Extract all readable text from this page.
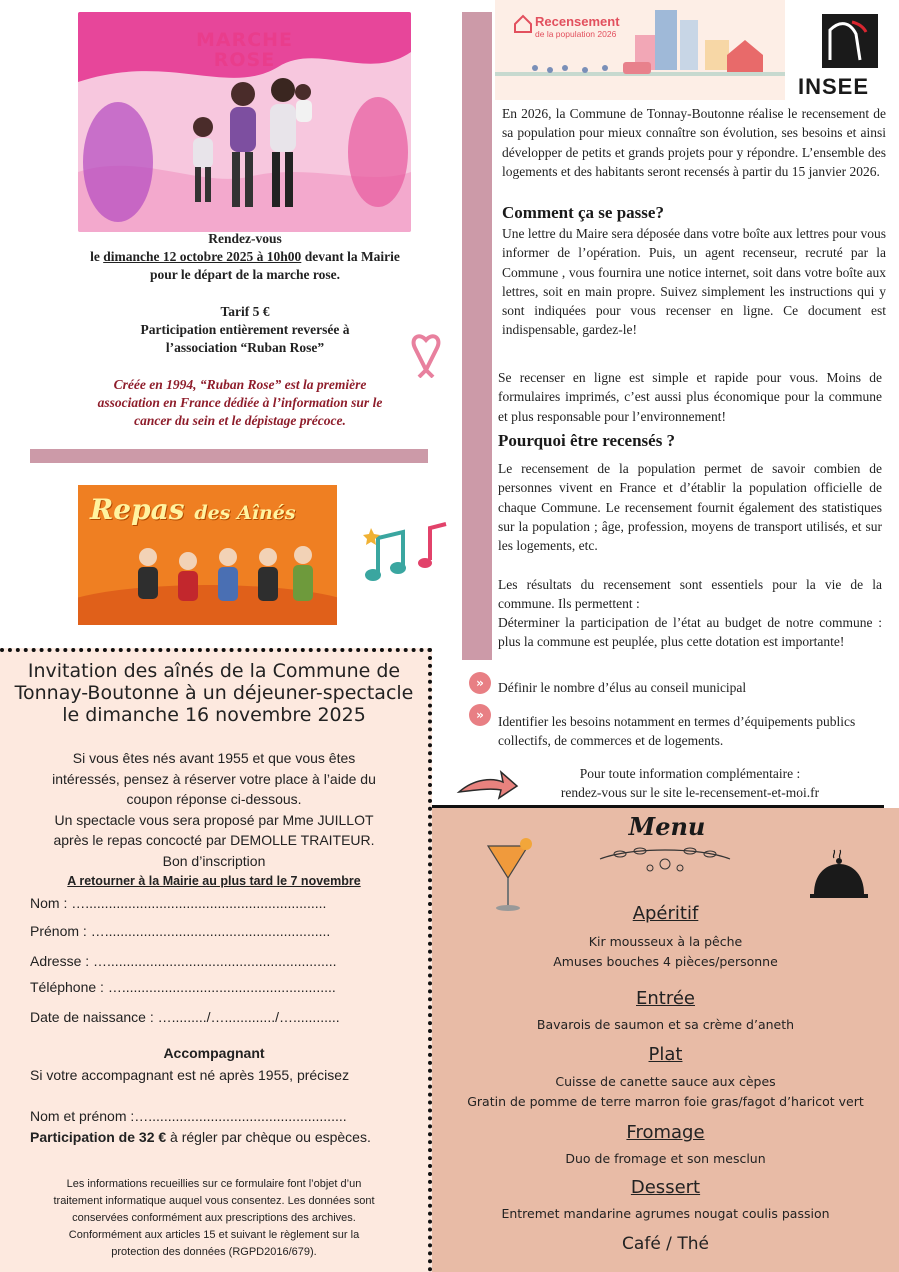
MARCHE
ROSE
Rendez-vous
le dimanche 12 octobre 2025 à 10h00 devant la Mairie
pour le départ de la marche rose.
Tarif 5 €
Participation entièrement reversée à
l’association “Ruban Rose”
Créée en 1994, “Ruban Rose” est la première
association en France dédiée à l’information sur le
cancer du sein et le dépistage précoce.
Repas des Aînés
Invitation des aînés de la Commune de
Tonnay-Boutonne à un déjeuner-spectacle
le dimanche 16 novembre 2025
Si vous êtes nés avant 1955 et que vous êtes
intéressés, pensez à réserver votre place à l’aide du
coupon réponse ci-dessous.
Un spectacle vous sera proposé par Mme JUILLOT
après le repas concocté par DEMOLLE TRAITEUR.
Bon d’inscription
A retourner à la Mairie au plus tard le 7 novembre
Nom : …..............................................................
Prénom : …..........................................................
Adresse : …...........................................................
Téléphone : ….......................................................
Date de naissance : …........./…............./…............
Accompagnant
Si votre accompagnant est né après 1955, précisez
Nom et prénom :…...................................................
Participation de 32 € à régler par chèque ou espèces.
Les informations recueillies sur ce formulaire font l’objet d’un
traitement informatique auquel vous consentez. Les données sont
conservées conformément aux prescriptions des archives.
Conformément aux articles 15 et suivant le règlement sur la
protection des données (RGPD2016/679).
Recensement
de la population 2026
INSEE

En 2026, la Commune de Tonnay-Boutonne réalise le recensement de sa population pour mieux connaître son évolution, ses besoins et ainsi développer de petits et grands projets pour y répondre. L’ensemble des logements et des habitants seront recensés à partir du 15 janvier 2026.

Comment ça se passe?

Une lettre du Maire sera déposée dans votre boîte aux lettres pour vous informer de l’opération. Puis, un agent recenseur, recruté par la Commune , vous fournira une notice internet, soit dans votre boîte aux lettres, soit en main propre. Suivez simplement les instructions qui y sont indiquées pour vous recenser en ligne. Ce document est indispensable, gardez-le!

Se recenser en ligne est simple et rapide pour vous. Moins de formulaires imprimés, c’est aussi plus économique pour la commune et plus responsable pour l’environnement!

Pourquoi être recensés ?

Le recensement de la population permet de savoir combien de personnes vivent en France et d’établir la population officielle de chaque Commune. Le recensement fournit également des statistiques sur la population ; âge, profession, moyens de transport utilisés, et sur les logements, etc.

Les résultats du recensement sont essentiels pour la vie de la commune. Ils permettent :

Déterminer la participation de l’état au budget de notre commune : plus la commune est peuplée, plus cette dotation est importante!

»	Définir le nombre d’élus au conseil municipal

»	Identifier les besoins notamment en termes d’équipements publics collectifs, de commerces et de logements.

Pour toute information complémentaire :
rendez-vous sur le site le-recensement-et-moi.fr
Menu
Apéritif
Kir mousseux à la pêche
Amuses bouches 4 pièces/personne
Entrée
Bavarois de saumon et sa crème d’aneth
Plat
Cuisse de canette sauce aux cèpes
Gratin de pomme de terre marron foie gras/fagot d’haricot vert
Fromage
Duo de fromage et son mesclun
Dessert
Entremet mandarine agrumes nougat coulis passion
Café / Thé
